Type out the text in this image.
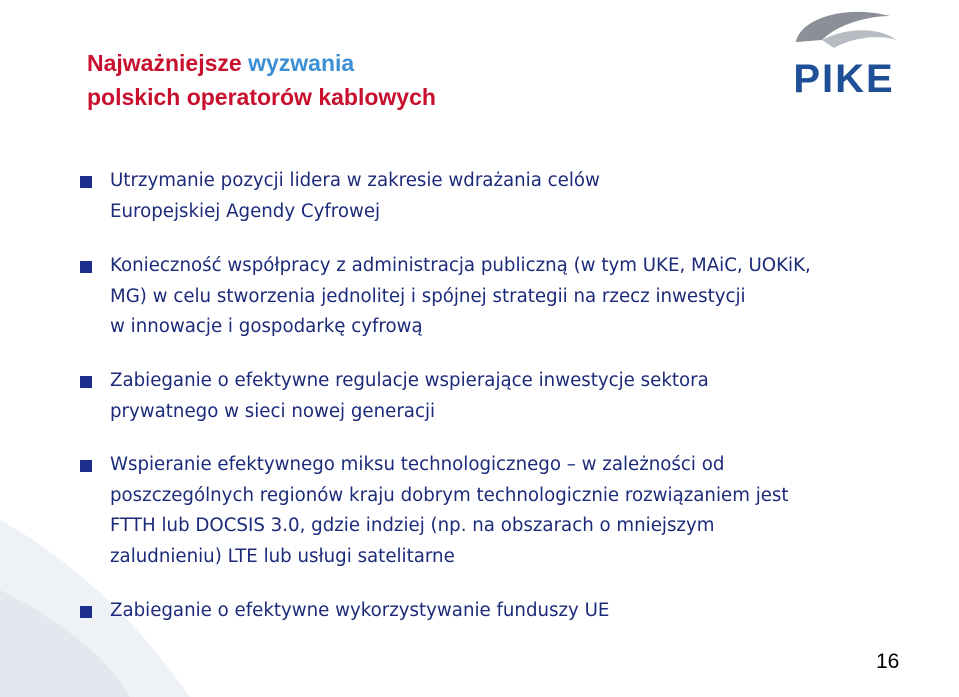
Najważniejsze wyzwania
polskich operatorów kablowych	PIKE
Utrzymanie pozycji lidera w zakresie wdrażania celów
Europejskiej Agendy Cyfrowej
Konieczność współpracy z administracja publiczną (w tym UKE, MAiC, UOKiK,
MG) w celu stworzenia jednolitej i spójnej strategii na rzecz inwestycji
w innowacje i gospodarkę cyfrową
Zabieganie o efektywne regulacje wspierające inwestycje sektora
prywatnego w sieci nowej generacji
Wspieranie efektywnego miksu technologicznego – w zależności od
poszczególnych regionów kraju dobrym technologicznie rozwiązaniem jest
FTTH lub DOCSIS 3.0, gdzie indziej (np. na obszarach o mniejszym
zaludnieniu) LTE lub usługi satelitarne
Zabieganie o efektywne wykorzystywanie funduszy UE

16
